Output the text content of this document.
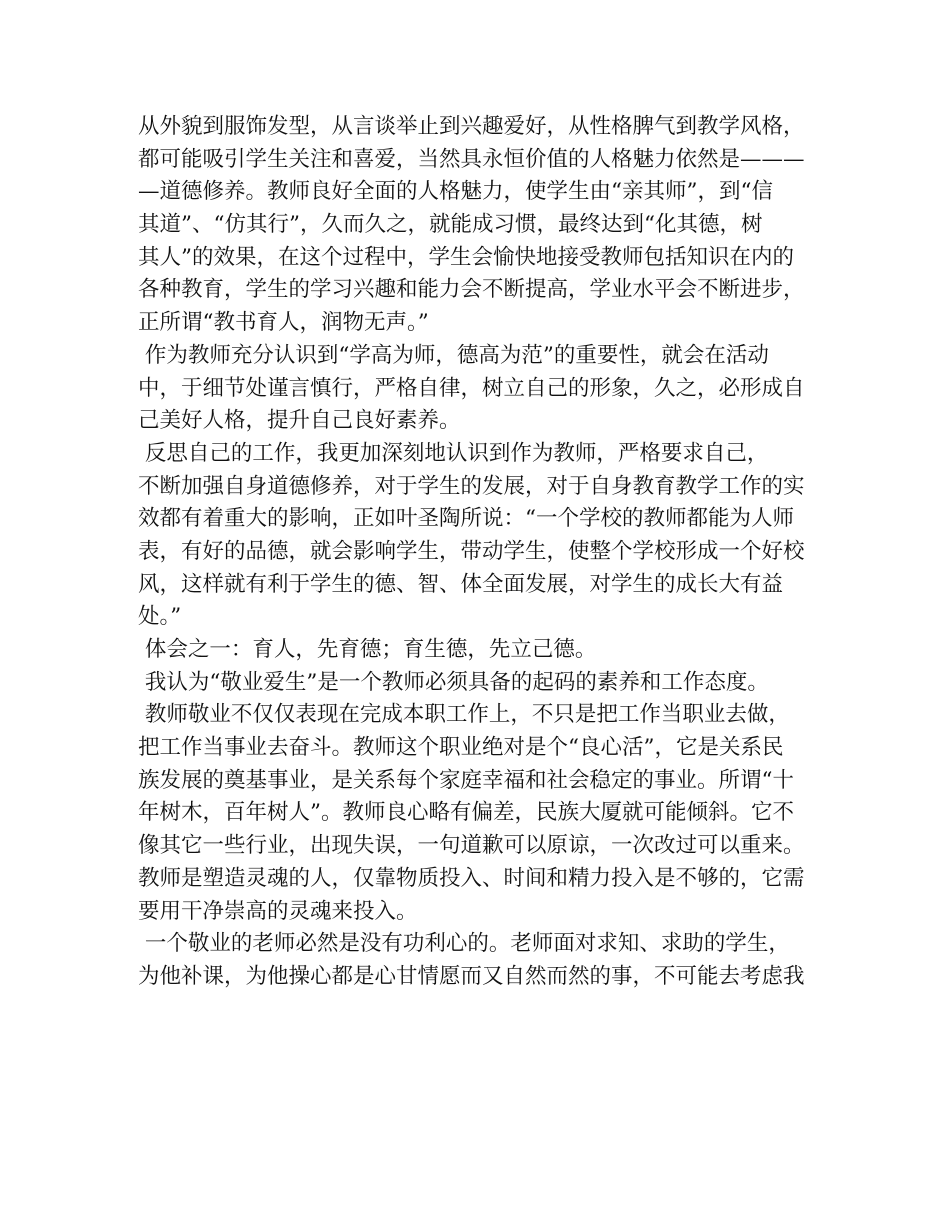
从外貌到服饰发型，从言谈举止到兴趣爱好，从性格脾气到教学风格，
都可能吸引学生关注和喜爱，当然具永恒价值的人格魅力依然是———
—道德修养。教师良好全面的人格魅力，使学生由“亲其师”，到“信
其道”、“仿其行”，久而久之，就能成习惯，最终达到“化其德，树
其人”的效果，在这个过程中，学生会愉快地接受教师包括知识在内的
各种教育，学生的学习兴趣和能力会不断提高，学业水平会不断进步，
正所谓“教书育人，润物无声。”
作为教师充分认识到“学高为师，德高为范”的重要性，就会在活动
中，于细节处谨言慎行，严格自律，树立自己的形象，久之，必形成自
己美好人格，提升自己良好素养。
反思自己的工作，我更加深刻地认识到作为教师，严格要求自己，
不断加强自身道德修养，对于学生的发展，对于自身教育教学工作的实
效都有着重大的影响，正如叶圣陶所说：“一个学校的教师都能为人师
表，有好的品德，就会影响学生，带动学生，使整个学校形成一个好校
风，这样就有利于学生的德、智、体全面发展，对学生的成长大有益
处。”
体会之一：育人，先育德；育生德，先立己德。
我认为“敬业爱生”是一个教师必须具备的起码的素养和工作态度。
教师敬业不仅仅表现在完成本职工作上，不只是把工作当职业去做，
把工作当事业去奋斗。教师这个职业绝对是个“良心活”，它是关系民
族发展的奠基事业，是关系每个家庭幸福和社会稳定的事业。所谓“十
年树木，百年树人”。教师良心略有偏差，民族大厦就可能倾斜。它不
像其它一些行业，出现失误，一句道歉可以原谅，一次改过可以重来。
教师是塑造灵魂的人，仅靠物质投入、时间和精力投入是不够的，它需
要用干净崇高的灵魂来投入。
一个敬业的老师必然是没有功利心的。老师面对求知、求助的学生，
为他补课，为他操心都是心甘情愿而又自然而然的事，不可能去考虑我
